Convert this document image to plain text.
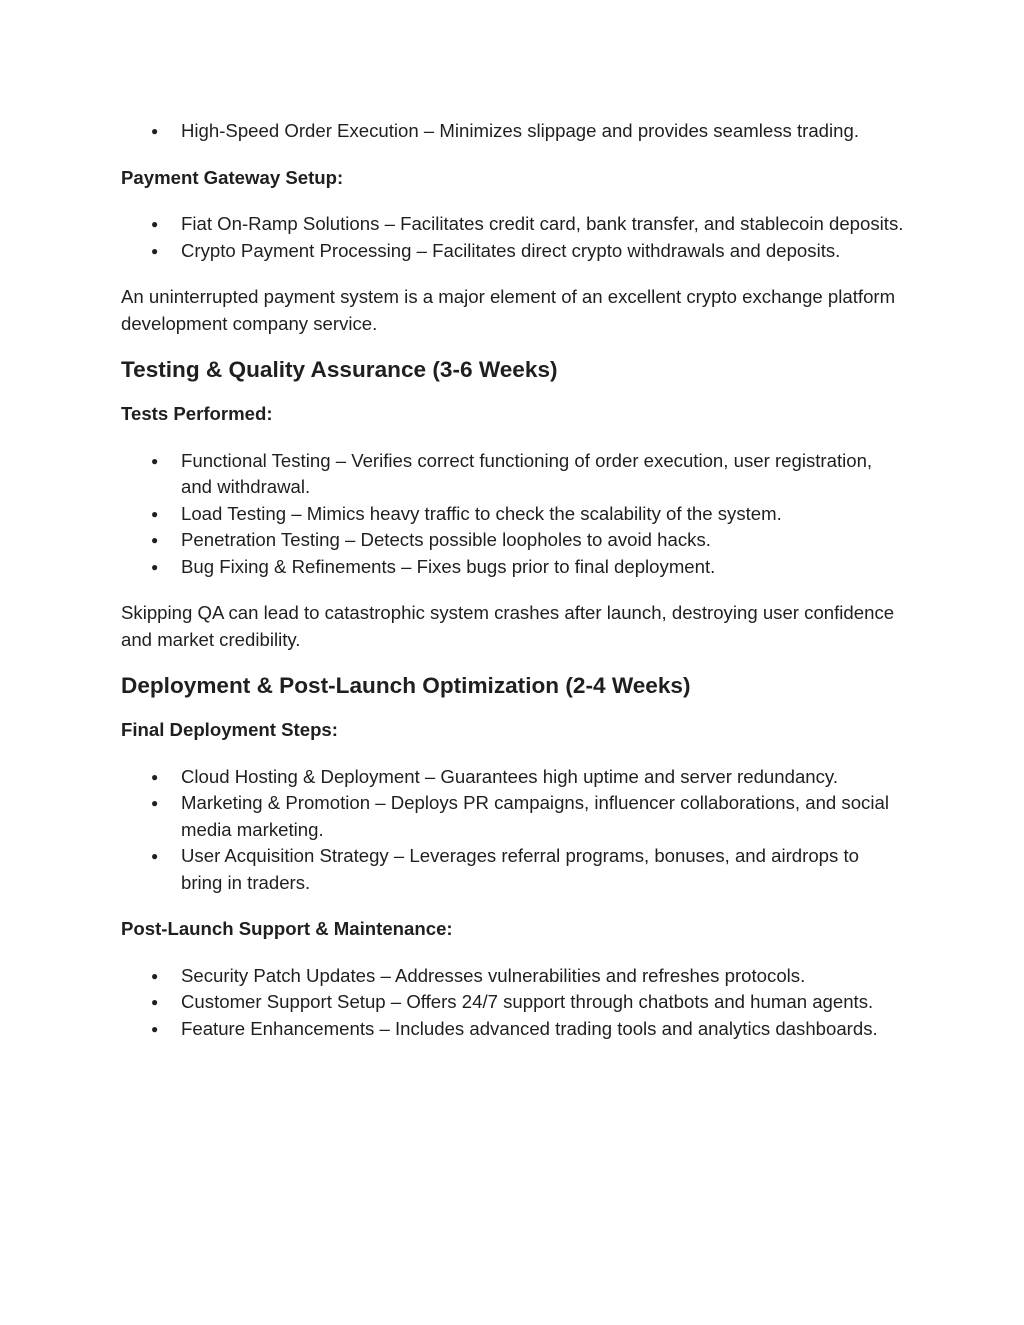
● High-Speed Order Execution – Minimizes slippage and provides seamless trading.

Payment Gateway Setup:

● Fiat On-Ramp Solutions – Facilitates credit card, bank transfer, and stablecoin deposits.
● Crypto Payment Processing – Facilitates direct crypto withdrawals and deposits.

An uninterrupted payment system is a major element of an excellent crypto exchange platform development company service.

Testing & Quality Assurance (3-6 Weeks)

Tests Performed:

● Functional Testing – Verifies correct functioning of order execution, user registration, and withdrawal.
● Load Testing – Mimics heavy traffic to check the scalability of the system.
● Penetration Testing – Detects possible loopholes to avoid hacks.
● Bug Fixing & Refinements – Fixes bugs prior to final deployment.

Skipping QA can lead to catastrophic system crashes after launch, destroying user confidence and market credibility.

Deployment & Post-Launch Optimization (2-4 Weeks)

Final Deployment Steps:

● Cloud Hosting & Deployment – Guarantees high uptime and server redundancy.
● Marketing & Promotion – Deploys PR campaigns, influencer collaborations, and social media marketing.
● User Acquisition Strategy – Leverages referral programs, bonuses, and airdrops to bring in traders.

Post-Launch Support & Maintenance:

● Security Patch Updates – Addresses vulnerabilities and refreshes protocols.
● Customer Support Setup – Offers 24/7 support through chatbots and human agents.
● Feature Enhancements – Includes advanced trading tools and analytics dashboards.
